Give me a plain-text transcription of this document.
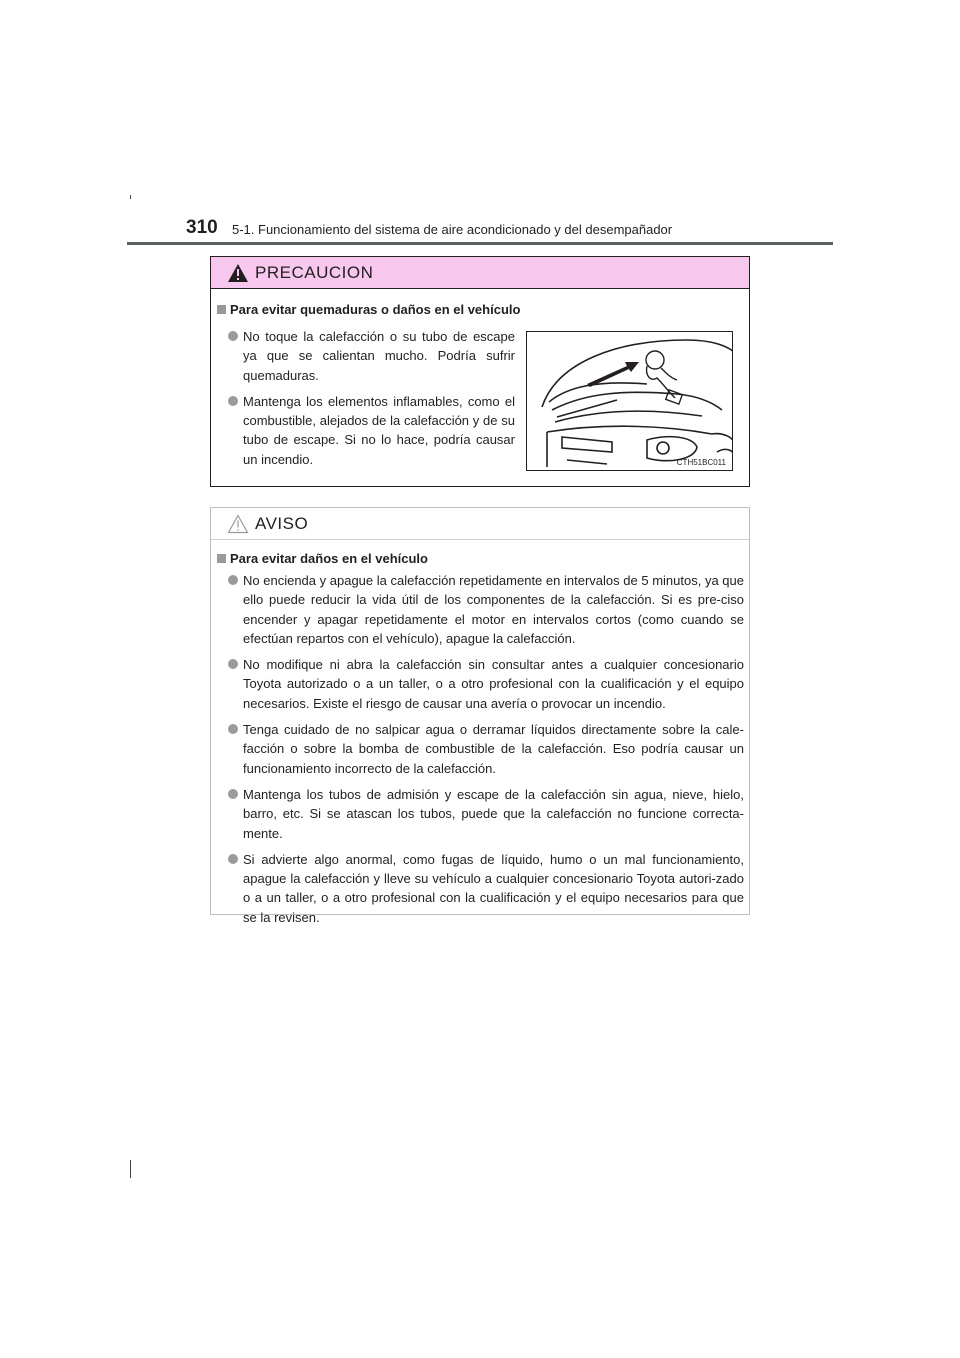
310 5-1. Funcionamiento del sistema de aire acondicionado y del desempañador
PRECAUCION
Para evitar quemaduras o daños en el vehículo
No toque la calefacción o su tubo de escape ya que se calientan mucho. Podría sufrir quemaduras.
Mantenga los elementos inflamables, como el combustible, alejados de la calefacción y de su tubo de escape. Si no lo hace, podría causar un incendio.	CTH51BC011
AVISO
Para evitar daños en el vehículo
No encienda y apague la calefacción repetidamente en intervalos de 5 minutos, ya que ello puede reducir la vida útil de los componentes de la calefacción. Si es pre-ciso encender y apagar repetidamente el motor en intervalos cortos (como cuando se efectúan repartos con el vehículo), apague la calefacción.
No modifique ni abra la calefacción sin consultar antes a cualquier concesionario Toyota autorizado o a un taller, o a otro profesional con la cualificación y el equipo necesarios. Existe el riesgo de causar una avería o provocar un incendio.
Tenga cuidado de no salpicar agua o derramar líquidos directamente sobre la cale-facción o sobre la bomba de combustible de la calefacción. Eso podría causar un funcionamiento incorrecto de la calefacción.
Mantenga los tubos de admisión y escape de la calefacción sin agua, nieve, hielo, barro, etc. Si se atascan los tubos, puede que la calefacción no funcione correcta-mente.
Si advierte algo anormal, como fugas de líquido, humo o un mal funcionamiento, apague la calefacción y lleve su vehículo a cualquier concesionario Toyota autori-zado o a un taller, o a otro profesional con la cualificación y el equipo necesarios para que se la revisen.
